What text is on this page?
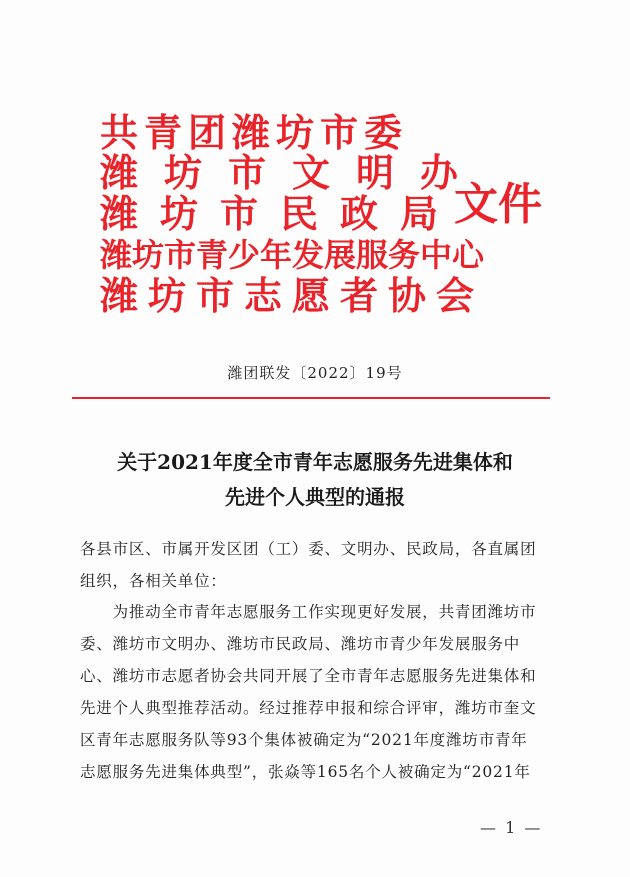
共青团潍坊市委
潍坊市文明办
潍坊市民政局
潍坊市青少年发展服务中心
潍坊市志愿者协会
文件
潍团联发〔2022〕19号
关于2021年度全市青年志愿服务先进集体和
先进个人典型的通报
各县市区、市属开发区团（工）委、文明办、民政局，各直属团
组织，各相关单位：
　　为推动全市青年志愿服务工作实现更好发展，共青团潍坊市
委、潍坊市文明办、潍坊市民政局、潍坊市青少年发展服务中
心、潍坊市志愿者协会共同开展了全市青年志愿服务先进集体和
先进个人典型推荐活动。经过推荐申报和综合评审，潍坊市奎文
区青年志愿服务队等93个集体被确定为“2021年度潍坊市青年
志愿服务先进集体典型”，张焱等165名个人被确定为“2021年
— 1 —
